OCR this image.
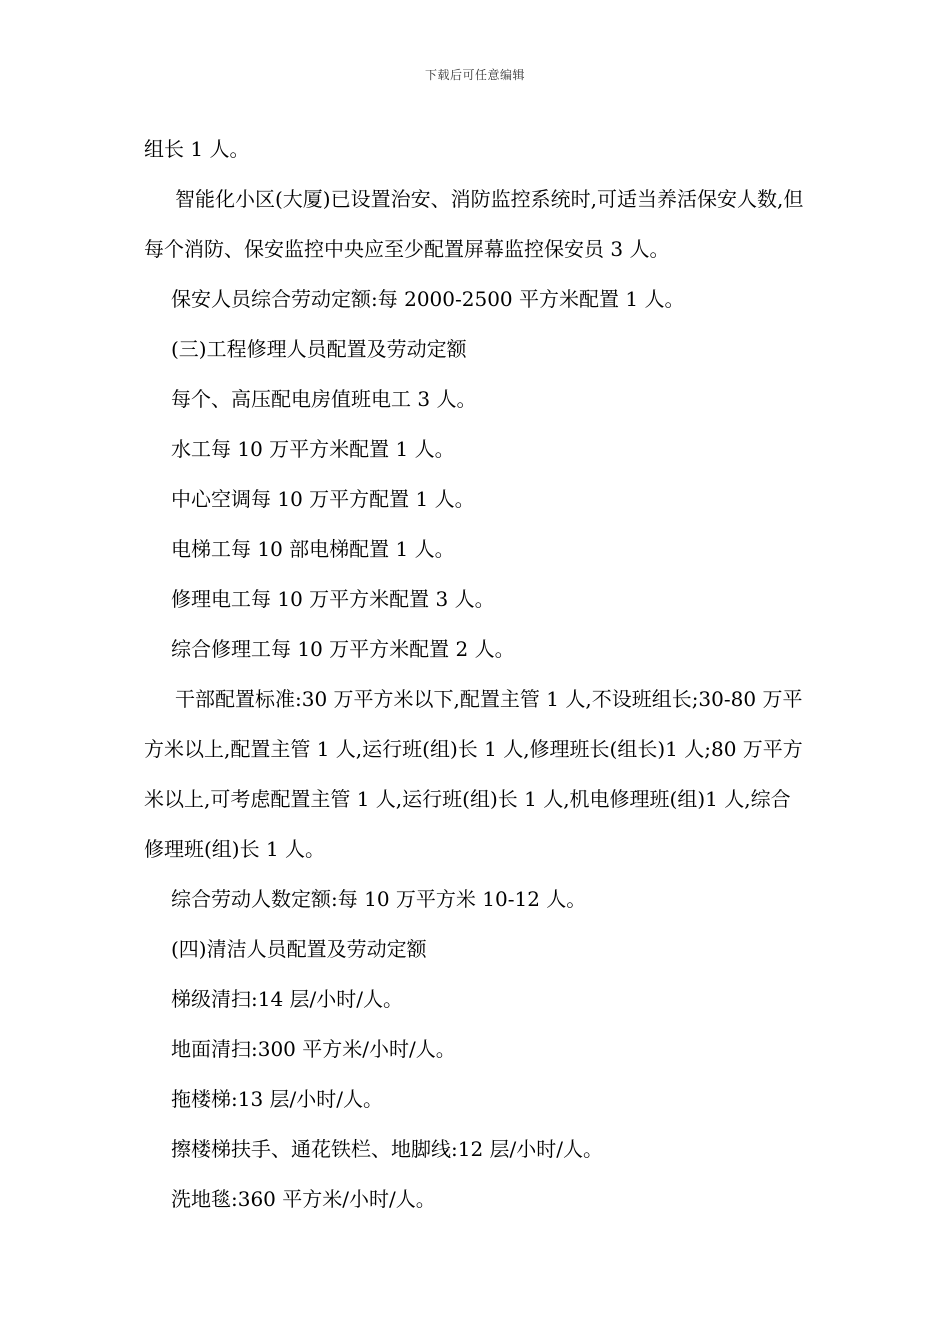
下载后可任意编辑

组长 1 人。

智能化小区(大厦)已设置治安、消防监控系统时,可适当养活保安人数,但每个消防、保安监控中央应至少配置屏幕监控保安员 3 人。

保安人员综合劳动定额:每 2000-2500 平方米配置 1 人。

(三)工程修理人员配置及劳动定额

每个、高压配电房值班电工 3 人。

水工每 10 万平方米配置 1 人。

中心空调每 10 万平方配置 1 人。

电梯工每 10 部电梯配置 1 人。

修理电工每 10 万平方米配置 3 人。

综合修理工每 10 万平方米配置 2 人。

干部配置标准:30 万平方米以下,配置主管 1 人,不设班组长;30-80 万平方米以上,配置主管 1 人,运行班(组)长 1 人,修理班长(组长)1 人;80 万平方米以上,可考虑配置主管 1 人,运行班(组)长 1 人,机电修理班(组)1 人,综合修理班(组)长 1 人。

综合劳动人数定额:每 10 万平方米 10-12 人。

(四)清洁人员配置及劳动定额

梯级清扫:14 层/小时/人。

地面清扫:300 平方米/小时/人。

拖楼梯:13 层/小时/人。

擦楼梯扶手、通花铁栏、地脚线:12 层/小时/人。

洗地毯:360 平方米/小时/人。
